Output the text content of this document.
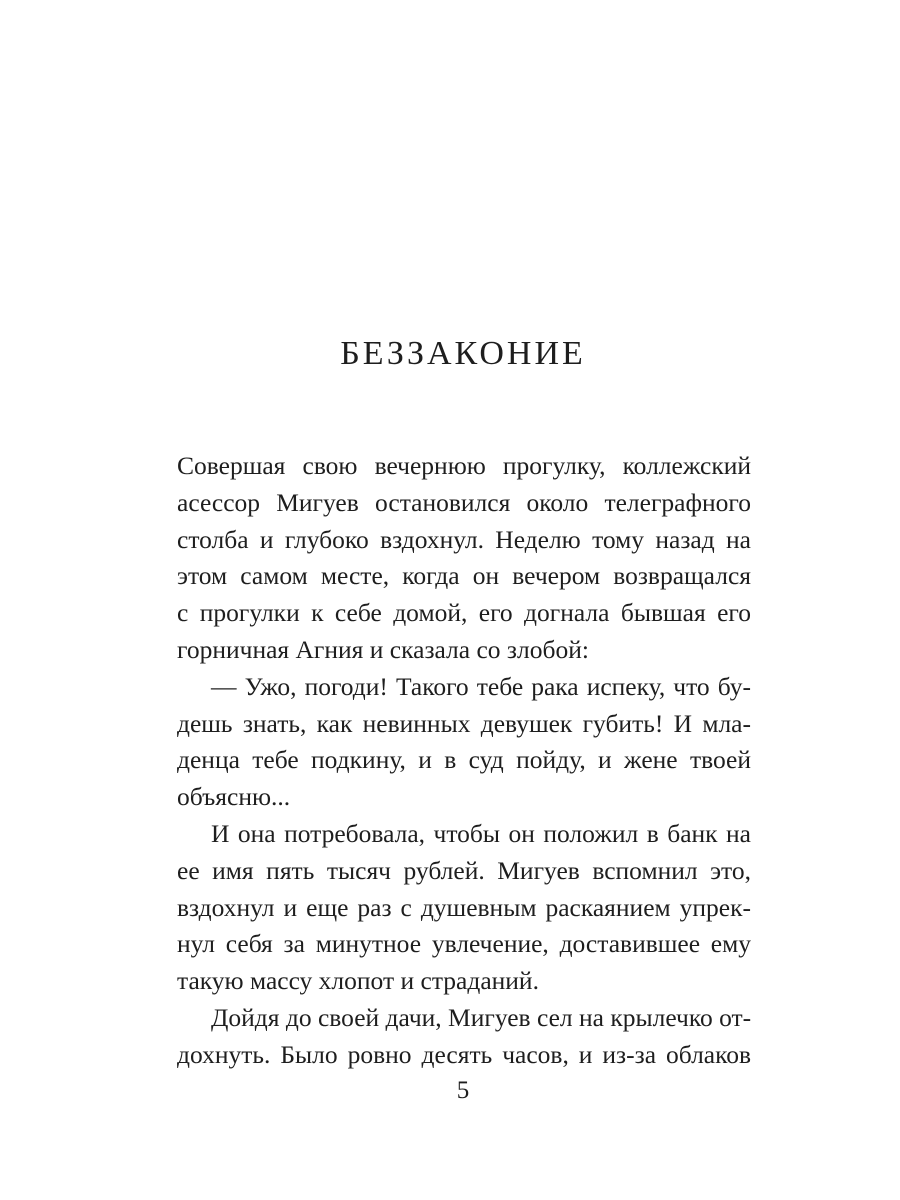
БЕЗЗАКОНИЕ
Совершая свою вечернюю прогулку, коллежский
асессор Мигуев остановился около телеграфного
столба и глубоко вздохнул. Неделю тому назад на
этом самом месте, когда он вечером возвращался
с прогулки к себе домой, его догнала бывшая его
горничная Агния и сказала со злобой:
— Ужо, погоди! Такого тебе рака испеку, что бу-
дешь знать, как невинных девушек губить! И мла-
денца тебе подкину, и в суд пойду, и жене твоей
объясню...
И она потребовала, чтобы он положил в банк на
ее имя пять тысяч рублей. Мигуев вспомнил это,
вздохнул и еще раз с душевным раскаянием упрек-
нул себя за минутное увлечение, доставившее ему
такую массу хлопот и страданий.
Дойдя до своей дачи, Мигуев сел на крылечко от-
дохнуть. Было ровно десять часов, и из-за облаков
5
